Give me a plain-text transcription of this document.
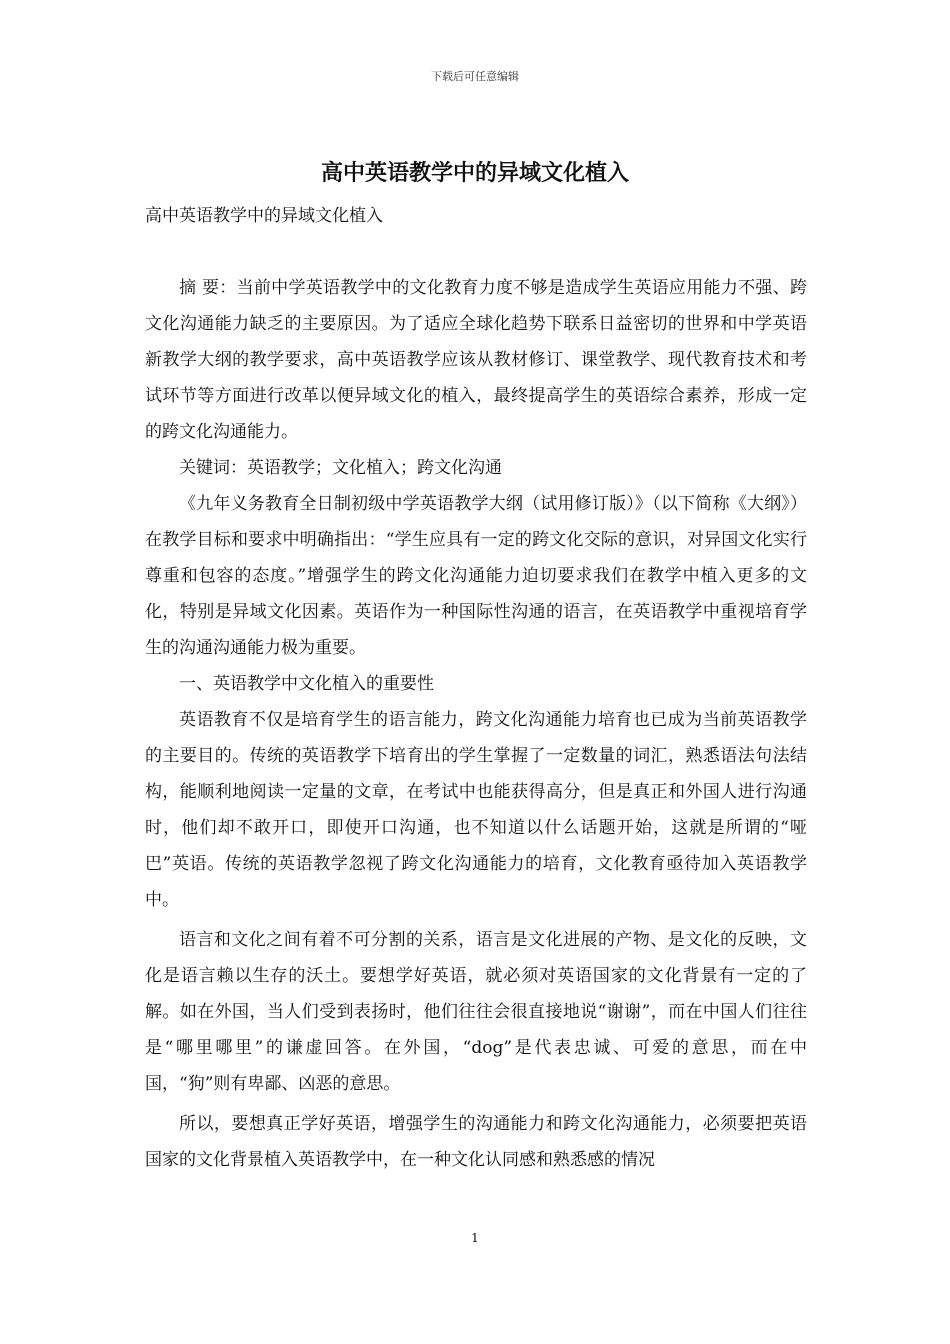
下载后可任意编辑
高中英语教学中的异域文化植入

高中英语教学中的异域文化植入

摘 要：当前中学英语教学中的文化教育力度不够是造成学生英语应用能力不强、跨文化沟通能力缺乏的主要原因。为了适应全球化趋势下联系日益密切的世界和中学英语新教学大纲的教学要求，高中英语教学应该从教材修订、课堂教学、现代教育技术和考试环节等方面进行改革以便异域文化的植入，最终提高学生的英语综合素养，形成一定的跨文化沟通能力。

关键词：英语教学；文化植入；跨文化沟通

《九年义务教育全日制初级中学英语教学大纲（试用修订版）》（以下简称《大纲》）在教学目标和要求中明确指出：“学生应具有一定的跨文化交际的意识，对异国文化实行尊重和包容的态度。”增强学生的跨文化沟通能力迫切要求我们在教学中植入更多的文化，特别是异域文化因素。英语作为一种国际性沟通的语言，在英语教学中重视培育学生的沟通沟通能力极为重要。

一、英语教学中文化植入的重要性

英语教育不仅是培育学生的语言能力，跨文化沟通能力培育也已成为当前英语教学的主要目的。传统的英语教学下培育出的学生掌握了一定数量的词汇，熟悉语法句法结构，能顺利地阅读一定量的文章，在考试中也能获得高分，但是真正和外国人进行沟通时，他们却不敢开口，即使开口沟通，也不知道以什么话题开始，这就是所谓的“哑巴”英语。传统的英语教学忽视了跨文化沟通能力的培育，文化教育亟待加入英语教学中。

语言和文化之间有着不可分割的关系，语言是文化进展的产物、是文化的反映，文化是语言赖以生存的沃土。要想学好英语，就必须对英语国家的文化背景有一定的了解。如在外国，当人们受到表扬时，他们往往会很直接地说“谢谢”，而在中国人们往往是“哪里哪里”的谦虚回答。在外国，“dog”是代表忠诚、可爱的意思，而在中国，“狗”则有卑鄙、凶恶的意思。

所以，要想真正学好英语，增强学生的沟通能力和跨文化沟通能力，必须要把英语国家的文化背景植入英语教学中，在一种文化认同感和熟悉感的情况

1
